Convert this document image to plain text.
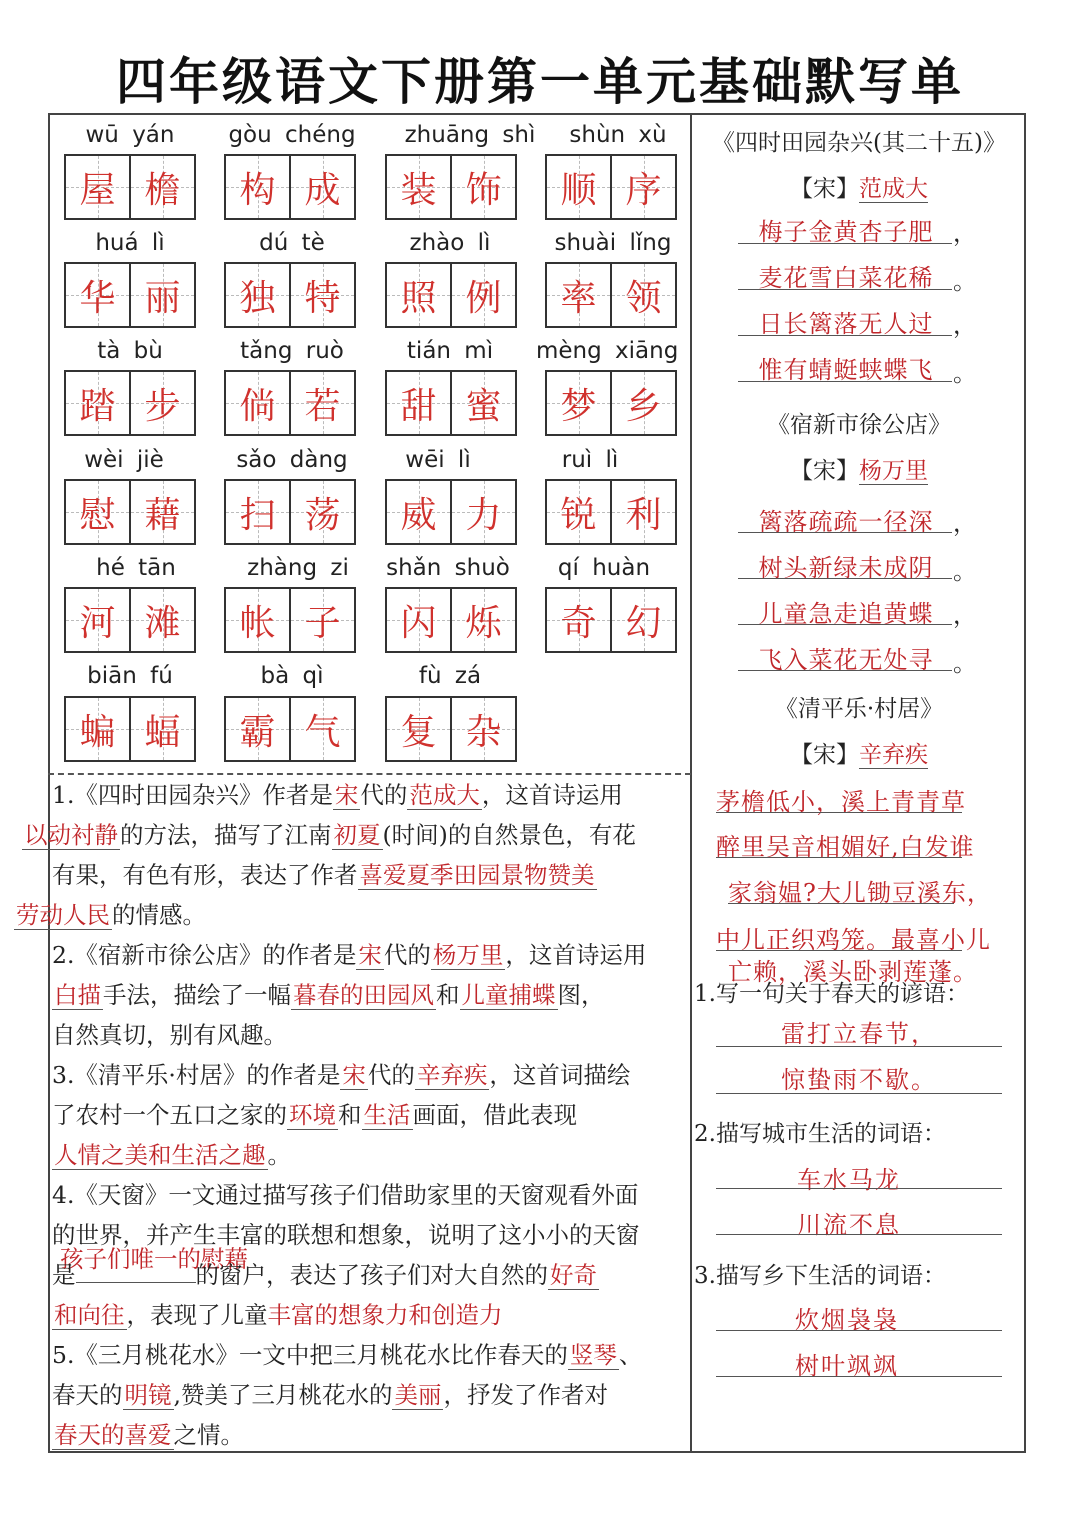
四年级语文下册第一单元基础默写单
wū yán
屋 檐
gòu chéng
构 成
zhuāng shì
装 饰
shùn xù
顺 序
huá lì
华 丽
dú tè
独 特
zhào lì
照 例
shuài lǐng
率 领
tà bù
踏 步
tǎng ruò
倘 若
tián mì
甜 蜜
mèng xiāng
梦 乡
wèi jiè
慰 藉
sǎo dàng
扫 荡
wēi lì
威 力
ruì lì
锐 利
hé tān
河 滩
zhàng zi
帐 子
shǎn shuò
闪 烁
qí huàn
奇 幻
biān fú
蝙 蝠
bà qì
霸 气
fù zá
复 杂
1.《四时田园杂兴》作者是宋代的范成大，这首诗运用
以动衬静的方法，描写了江南初夏(时间)的自然景色，有花
有果，有色有形，表达了作者喜爱夏季田园景物赞美
劳动人民的情感。
2.《宿新市徐公店》的作者是宋代的杨万里，这首诗运用
白描手法，描绘了一幅暮春的田园风和儿童捕蝶图，
自然真切，别有风趣。
3.《清平乐·村居》的作者是宋代的辛弃疾，这首词描绘
了农村一个五口之家的环境和生活画面，借此表现
人情之美和生活之趣。
4.《天窗》一文通过描写孩子们借助家里的天窗观看外面
的世界，并产生丰富的联想和想象，说明了这小小的天窗
孩子们唯一的慰藉
是	的窗户，表达了孩子们对大自然的好奇
和向往，表现了儿童丰富的想象力和创造力
5.《三月桃花水》一文中把三月桃花水比作春天的竖琴、
春天的明镜,赞美了三月桃花水的美丽，抒发了作者对
春天的喜爱之情。
《四时田园杂兴(其二十五)》
【宋】范成大
梅子金黄杏子肥 ，
麦花雪白菜花稀 。
日长篱落无人过 ，
惟有蜻蜓蛱蝶飞 。
《宿新市徐公店》
【宋】杨万里
篱落疏疏一径深 ，
树头新绿未成阴 。
儿童急走追黄蝶 ，
飞入菜花无处寻 。
《清平乐·村居》
【宋】辛弃疾
茅檐低小，溪上青青草
醉里吴音相媚好,白发谁
家翁媪?大儿锄豆溪东，
中儿正织鸡笼。最喜小儿
亡赖，溪头卧剥莲蓬。
1.写一句关于春天的谚语：
雷打立春节，
惊蛰雨不歇。
2.描写城市生活的词语：
车水马龙
川流不息
3.描写乡下生活的词语：
炊烟袅袅
树叶飒飒
